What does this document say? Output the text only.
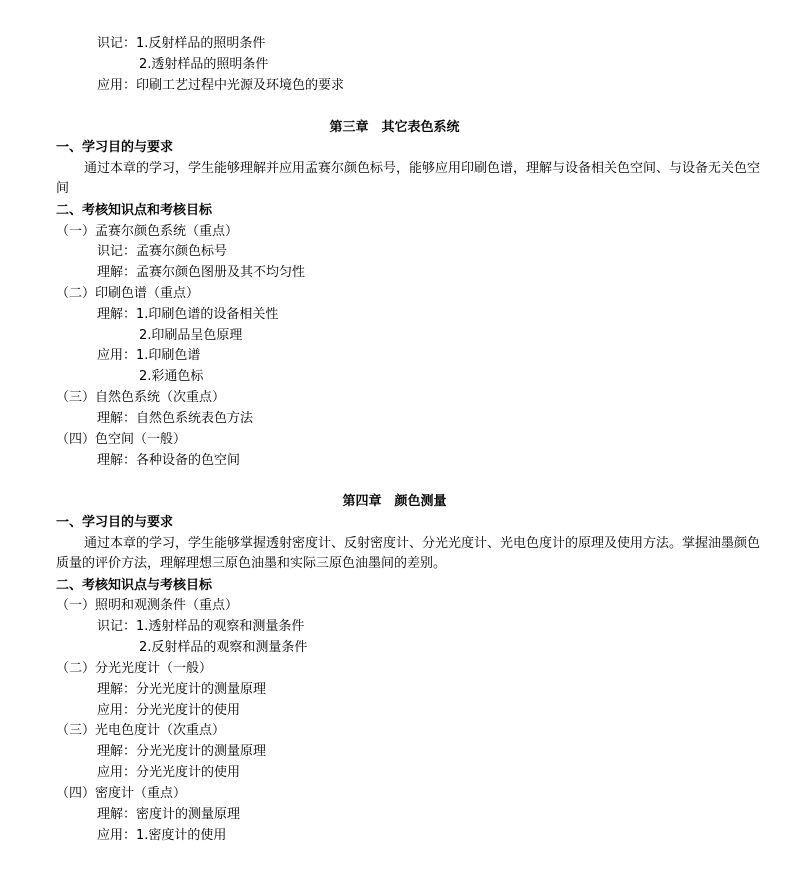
识记：1.反射样品的照明条件
2.透射样品的照明条件
应用：印刷工艺过程中光源及环境色的要求
第三章　其它表色系统
一、学习目的与要求
通过本章的学习，学生能够理解并应用孟赛尔颜色标号，能够应用印刷色谱，理解与设备相关色空间、与设备无关色空间
二、考核知识点和考核目标
（一）孟赛尔颜色系统（重点）
识记：孟赛尔颜色标号
理解：孟赛尔颜色图册及其不均匀性
（二）印刷色谱（重点）
理解：1.印刷色谱的设备相关性
2.印刷品呈色原理
应用：1.印刷色谱
2.彩通色标
（三）自然色系统（次重点）
理解：自然色系统表色方法
（四）色空间（一般）
理解：各种设备的色空间
第四章　颜色测量
一、学习目的与要求
通过本章的学习，学生能够掌握透射密度计、反射密度计、分光光度计、光电色度计的原理及使用方法。掌握油墨颜色质量的评价方法，理解理想三原色油墨和实际三原色油墨间的差别。
二、考核知识点与考核目标
（一）照明和观测条件（重点）
识记：1.透射样品的观察和测量条件
2.反射样品的观察和测量条件
（二）分光光度计（一般）
理解：分光光度计的测量原理
应用：分光光度计的使用
（三）光电色度计（次重点）
理解：分光光度计的测量原理
应用：分光光度计的使用
（四）密度计（重点）
理解：密度计的测量原理
应用：1.密度计的使用
